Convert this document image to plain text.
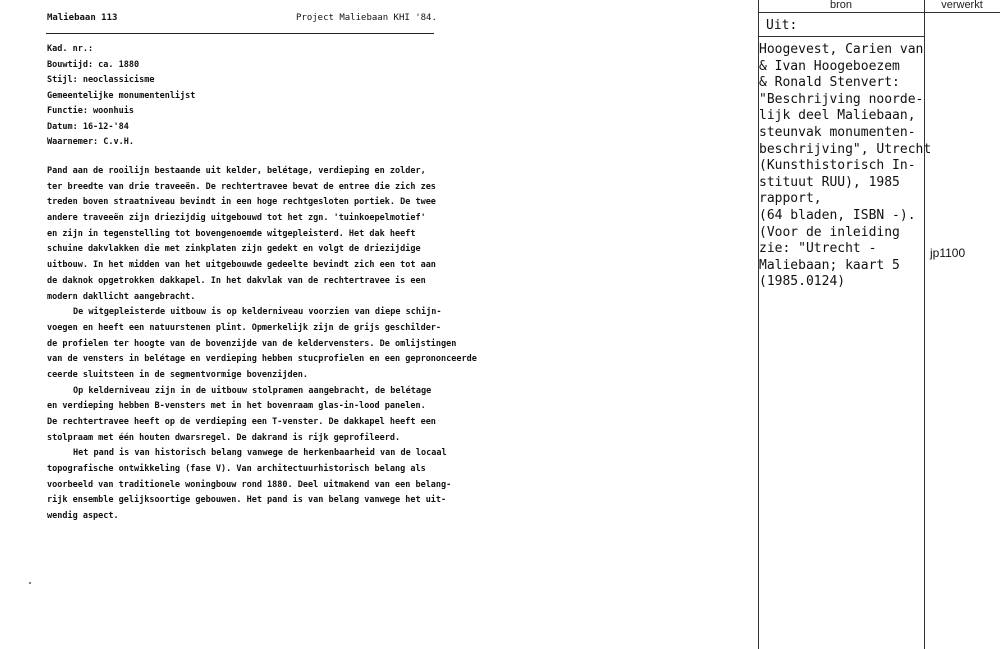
Maliebaan 113	Project Maliebaan KHI '84.
Kad. nr.:
Bouwtijd: ca. 1880
Stijl: neoclassicisme
Gemeentelijke monumentenlijst
Functie: woonhuis
Datum: 16-12-'84
Waarnemer: C.v.H.
Pand aan de rooilijn bestaande uit kelder, belétage, verdieping en zolder,
ter breedte van drie traveeën. De rechtertravee bevat de entree die zich zes
treden boven straatniveau bevindt in een hoge rechtgesloten portiek. De twee
andere traveeën zijn driezijdig uitgebouwd tot het zgn. 'tuinkoepelmotief'
en zijn in tegenstelling tot bovengenoemde witgepleisterd. Het dak heeft
schuine dakvlakken die met zinkplaten zijn gedekt en volgt de driezijdige
uitbouw. In het midden van het uitgebouwde gedeelte bevindt zich een tot aan
de daknok opgetrokken dakkapel. In het dakvlak van de rechtertravee is een
modern dakllicht aangebracht.
De witgepleisterde uitbouw is op kelderniveau voorzien van diepe schijn-
voegen en heeft een natuurstenen plint. Opmerkelijk zijn de grijs geschilder-
de profielen ter hoogte van de bovenzijde van de keldervensters. De omlijstingen
van de vensters in belétage en verdieping hebben stucprofielen en een geprononceerde
ceerde sluitsteen in de segmentvormige bovenzijden.
Op kelderniveau zijn in de uitbouw stolpramen aangebracht, de belétage
en verdieping hebben B-vensters met in het bovenraam glas-in-lood panelen.
De rechtertravee heeft op de verdieping een T-venster. De dakkapel heeft een
stolpraam met één houten dwarsregel. De dakrand is rijk geprofileerd.
Het pand is van historisch belang vanwege de herkenbaarheid van de locaal
topografische ontwikkeling (fase V). Van architectuurhistorisch belang als
voorbeeld van traditionele woningbouw rond 1880. Deel uitmakend van een belang-
rijk ensemble gelijksoortige gebouwen. Het pand is van belang vanwege het uit-
wendig aspect.
bron	verwerkt
Uit:
Hoogevest, Carien van
& Ivan Hoogeboezem
& Ronald Stenvert:
"Beschrijving noorde-
lijk deel Maliebaan,
steunvak monumenten-
beschrijving", Utrecht
(Kunsthistorisch In-
stituut RUU), 1985
rapport,
(64 bladen, ISBN -).
(Voor de inleiding
zie: "Utrecht -
Maliebaan; kaart 5
(1985.0124)
jp1100
